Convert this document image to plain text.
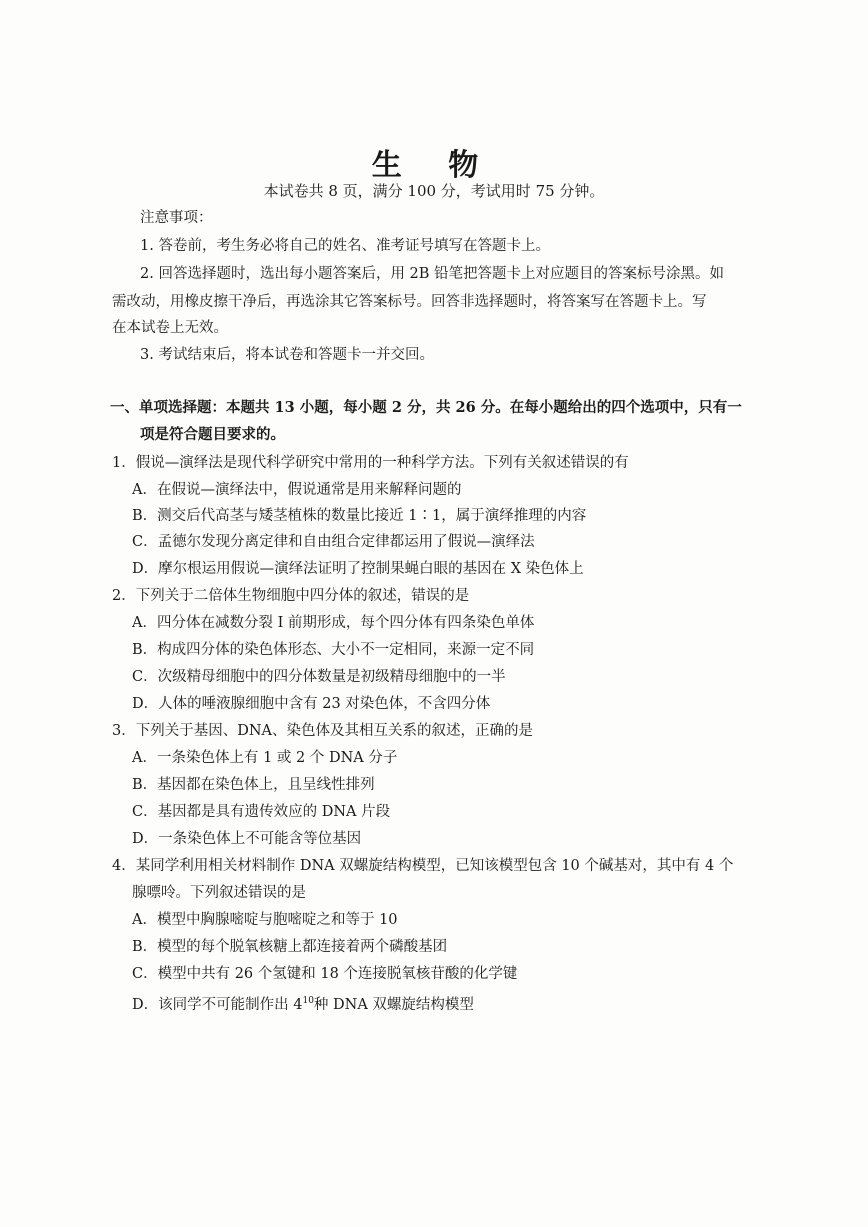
生 物
本试卷共 8 页，满分 100 分，考试用时 75 分钟。
注意事项：
1. 答卷前，考生务必将自己的姓名、准考证号填写在答题卡上。
2. 回答选择题时，选出每小题答案后，用 2B 铅笔把答题卡上对应题目的答案标号涂黑。如
需改动，用橡皮擦干净后，再选涂其它答案标号。回答非选择题时，将答案写在答题卡上。写
在本试卷上无效。
3. 考试结束后，将本试卷和答题卡一并交回。
一、单项选择题：本题共 13 小题，每小题 2 分，共 26 分。在每小题给出的四个选项中，只有一
项是符合题目要求的。
1．假说—演绎法是现代科学研究中常用的一种科学方法。下列有关叙述错误的有
A．在假说—演绎法中，假说通常是用来解释问题的
B．测交后代高茎与矮茎植株的数量比接近 1∶1，属于演绎推理的内容
C．孟德尔发现分离定律和自由组合定律都运用了假说—演绎法
D．摩尔根运用假说—演绎法证明了控制果蝇白眼的基因在 X 染色体上
2．下列关于二倍体生物细胞中四分体的叙述，错误的是
A．四分体在减数分裂 I 前期形成，每个四分体有四条染色单体
B．构成四分体的染色体形态、大小不一定相同，来源一定不同
C．次级精母细胞中的四分体数量是初级精母细胞中的一半
D．人体的唾液腺细胞中含有 23 对染色体，不含四分体
3．下列关于基因、DNA、染色体及其相互关系的叙述，正确的是
A．一条染色体上有 1 或 2 个 DNA 分子
B．基因都在染色体上，且呈线性排列
C．基因都是具有遗传效应的 DNA 片段
D．一条染色体上不可能含等位基因
4．某同学利用相关材料制作 DNA 双螺旋结构模型，已知该模型包含 10 个碱基对，其中有 4 个
腺嘌呤。下列叙述错误的是
A．模型中胸腺嘧啶与胞嘧啶之和等于 10
B．模型的每个脱氧核糖上都连接着两个磷酸基团
C．模型中共有 26 个氢键和 18 个连接脱氧核苷酸的化学键
D．该同学不可能制作出 $4^{10}$种 DNA 双螺旋结构模型
